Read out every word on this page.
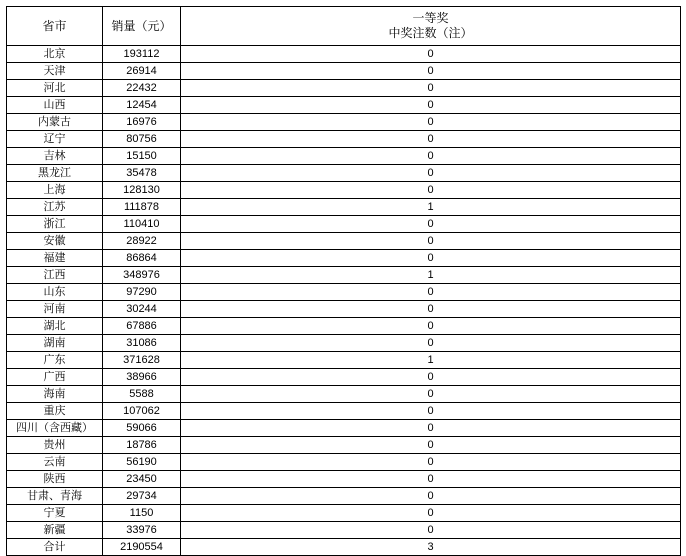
省市	销量（元）	一等奖
中奖注数（注）

北京	193112	0
天津	26914	0
河北	22432	0
山西	12454	0
内蒙古	16976	0
辽宁	80756	0
吉林	15150	0
黑龙江	35478	0
上海	128130	0
江苏	111878	1
浙江	110410	0
安徽	28922	0
福建	86864	0
江西	348976	1
山东	97290	0
河南	30244	0
湖北	67886	0
湖南	31086	0
广东	371628	1
广西	38966	0
海南	5588	0
重庆	107062	0
四川（含西藏）	59066	0
贵州	18786	0
云南	56190	0
陕西	23450	0
甘肃、青海	29734	0
宁夏	1150	0
新疆	33976	0
合计	2190554	3
